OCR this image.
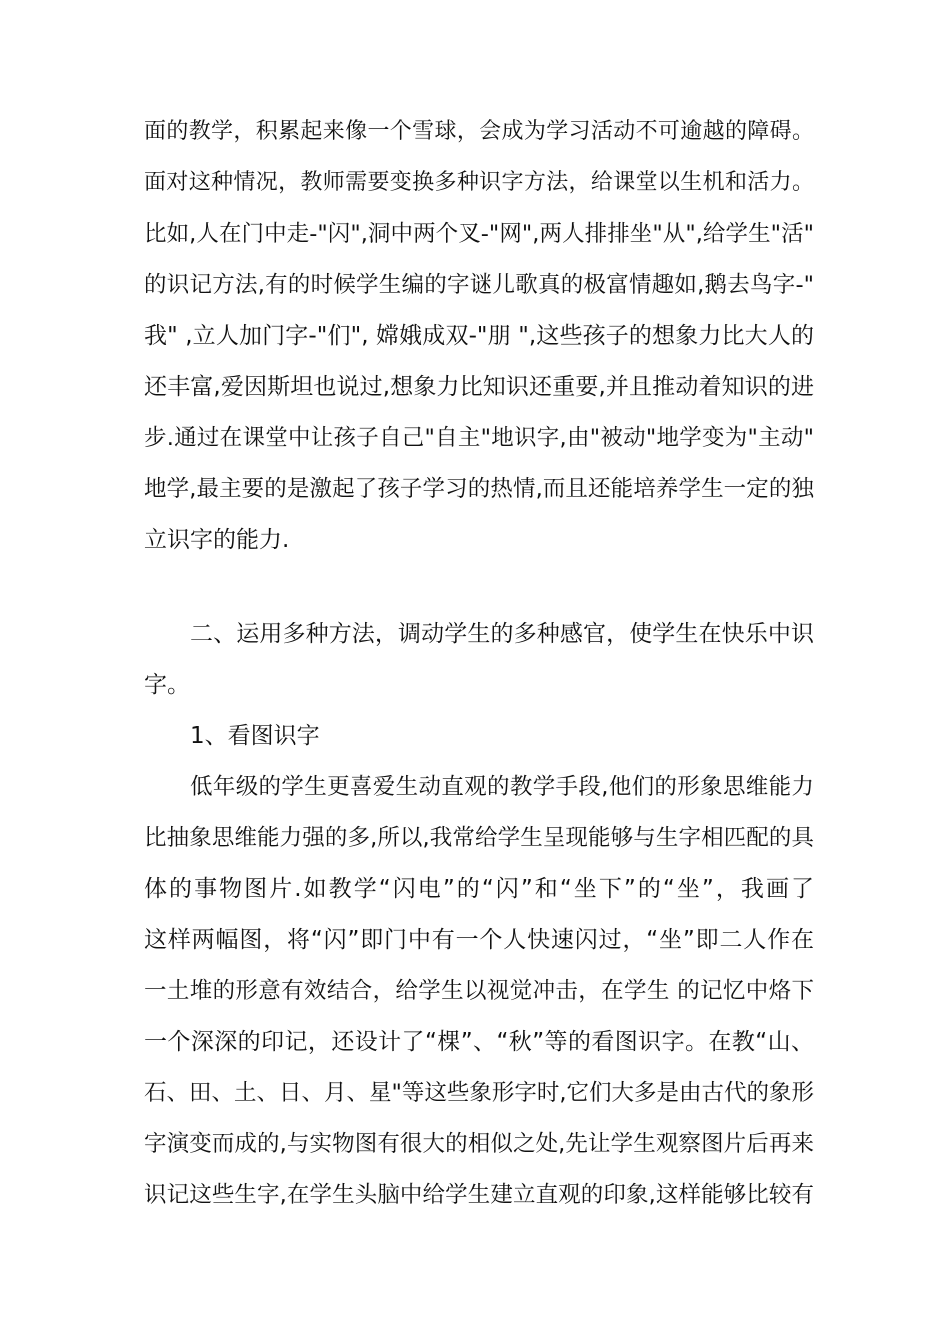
面的教学，积累起来像一个雪球，会成为学习活动不可逾越的障碍。
面对这种情况，教师需要变换多种识字方法，给课堂以生机和活力。
比如,人在门中走-"闪",洞中两个叉-"网",两人排排坐"从",给学生"活"
的识记方法,有的时候学生编的字谜儿歌真的极富情趣如,鹅去鸟字-"
我" ,立人加门字-"们", 嫦娥成双-"朋 ",这些孩子的想象力比大人的
还丰富,爱因斯坦也说过,想象力比知识还重要,并且推动着知识的进
步.通过在课堂中让孩子自己"自主"地识字,由"被动"地学变为"主动"
地学,最主要的是激起了孩子学习的热情,而且还能培养学生一定的独
立识字的能力.
二、运用多种方法，调动学生的多种感官，使学生在快乐中识
字。
1、看图识字
低年级的学生更喜爱生动直观的教学手段,他们的形象思维能力
比抽象思维能力强的多,所以,我常给学生呈现能够与生字相匹配的具
体的事物图片.如教学“闪电”的“闪”和“坐下”的“坐”，我画了
这样两幅图，将“闪”即门中有一个人快速闪过，“坐”即二人作在
一土堆的形意有效结合，给学生以视觉冲击，在学生 的记忆中烙下
一个深深的印记，还设计了“棵”、“秋”等的看图识字。在教“山、
石、田、土、日、月、星"等这些象形字时,它们大多是由古代的象形
字演变而成的,与实物图有很大的相似之处,先让学生观察图片后再来
识记这些生字,在学生头脑中给学生建立直观的印象,这样能够比较有
